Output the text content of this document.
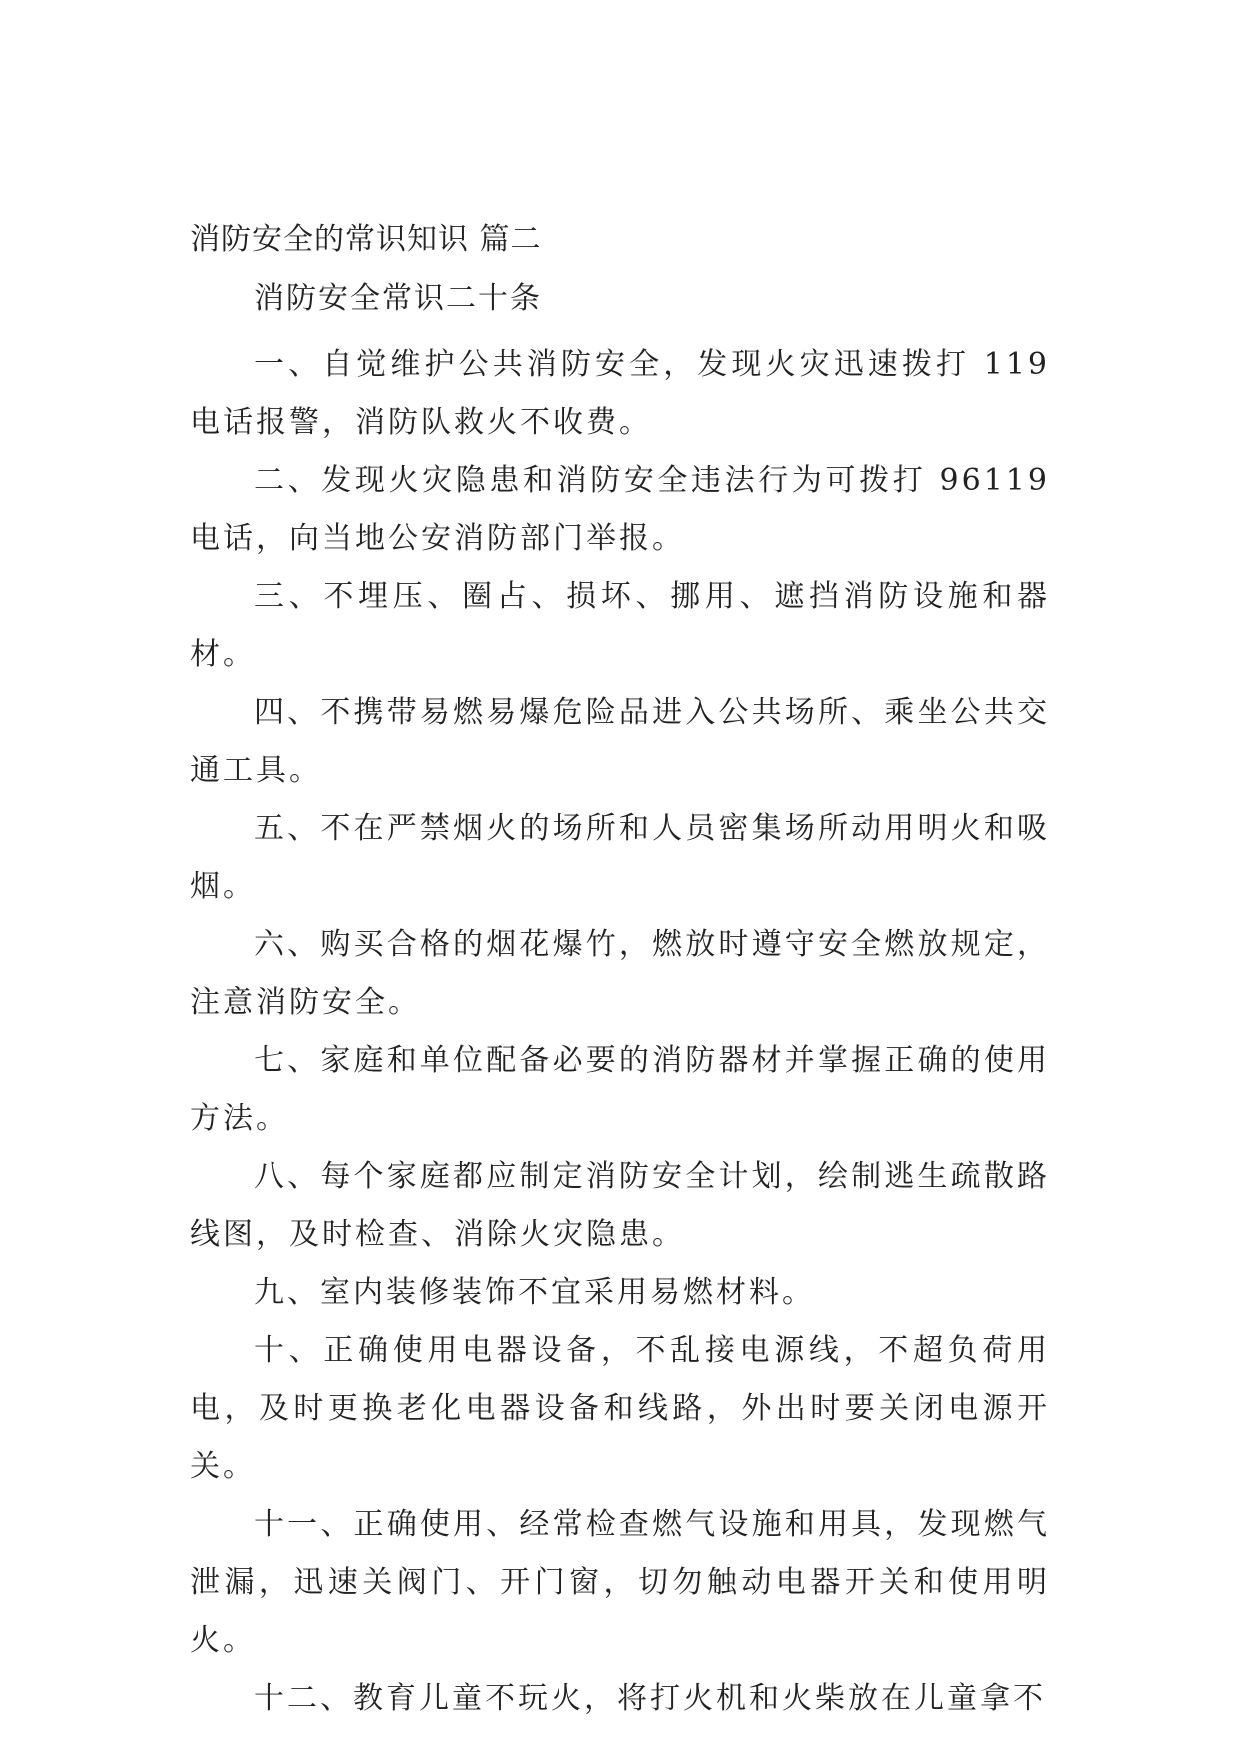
消防安全的常识知识 篇二
消防安全常识二十条

一、自觉维护公共消防安全，发现火灾迅速拨打 119 电话报警，消防队救火不收费。

二、发现火灾隐患和消防安全违法行为可拨打 96119 电话，向当地公安消防部门举报。

三、不埋压、圈占、损坏、挪用、遮挡消防设施和器材。

四、不携带易燃易爆危险品进入公共场所、乘坐公共交通工具。

五、不在严禁烟火的场所和人员密集场所动用明火和吸烟。

六、购买合格的烟花爆竹，燃放时遵守安全燃放规定，注意消防安全。

七、家庭和单位配备必要的消防器材并掌握正确的使用方法。

八、每个家庭都应制定消防安全计划，绘制逃生疏散路线图，及时检查、消除火灾隐患。

九、室内装修装饰不宜采用易燃材料。

十、正确使用电器设备，不乱接电源线，不超负荷用电，及时更换老化电器设备和线路，外出时要关闭电源开关。

十一、正确使用、经常检查燃气设施和用具，发现燃气泄漏，迅速关阀门、开门窗，切勿触动电器开关和使用明火。

十二、教育儿童不玩火，将打火机和火柴放在儿童拿不
